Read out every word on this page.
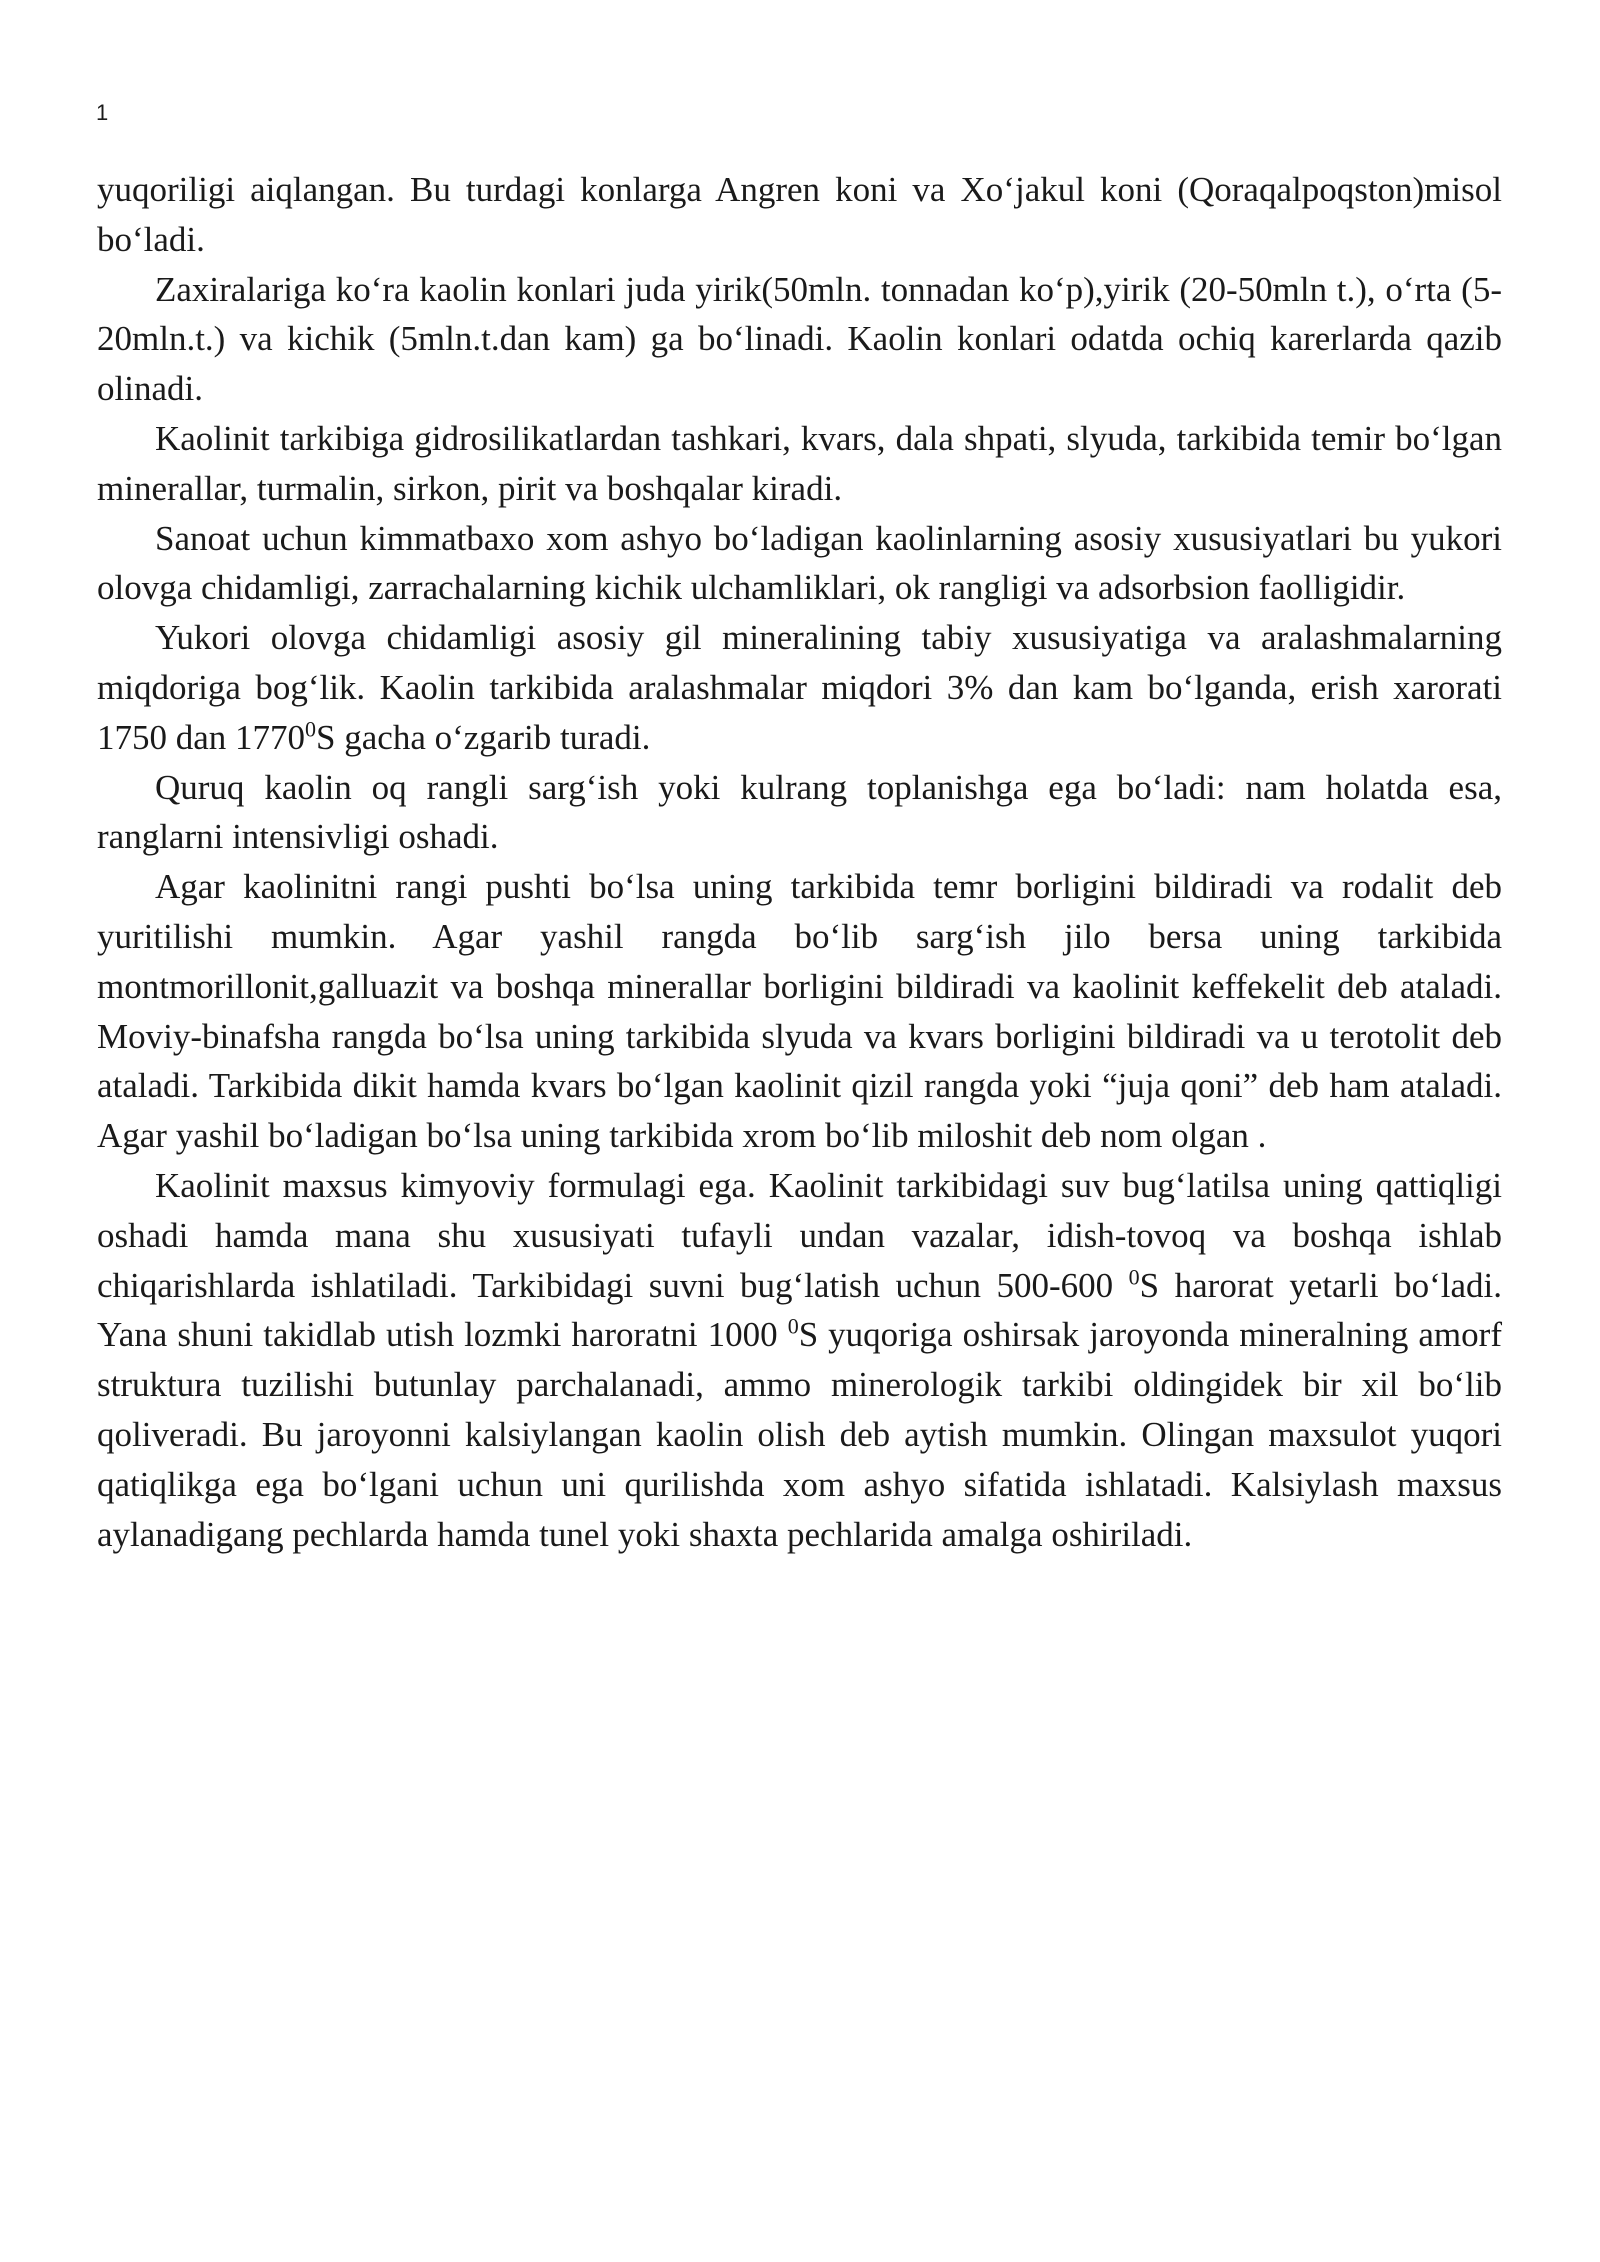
1

yuqoriligi aiqlangan. Bu turdagi konlarga Angren koni va Xo‘jakul koni (Qoraqalpoqston)misol bo‘ladi.

Zaxiralariga ko‘ra kaolin konlari juda yirik(50mln. tonnadan ko‘p),yirik (20-50mln t.), o‘rta (5-20mln.t.) va kichik (5mln.t.dan kam) ga bo‘linadi. Kaolin konlari odatda ochiq karerlarda qazib olinadi.

Kaolinit tarkibiga gidrosilikatlardan tashkari, kvars, dala shpati, slyuda, tarkibida temir bo‘lgan minerallar, turmalin, sirkon, pirit va boshqalar kiradi.

Sanoat uchun kimmatbaxo xom ashyo bo‘ladigan kaolinlarning asosiy xususiyatlari bu yukori olovga chidamligi, zarrachalarning kichik ulchamliklari, ok rangligi va adsorbsion faolligidir.

Yukori olovga chidamligi asosiy gil mineralining tabiy xususiyatiga va aralashmalarning miqdoriga bog‘lik. Kaolin tarkibida aralashmalar miqdori 3% dan kam bo‘lganda, erish xarorati 1750 dan 1770$^0$S gacha o‘zgarib turadi.

Quruq kaolin oq rangli sarg‘ish yoki kulrang toplanishga ega bo‘ladi: nam holatda esa, ranglarni intensivligi oshadi.

Agar kaolinitni rangi pushti bo‘lsa uning tarkibida temr borligini bildiradi va rodalit deb yuritilishi mumkin. Agar yashil rangda bo‘lib sarg‘ish jilo bersa uning tarkibida montmorillonit,galluazit va boshqa minerallar borligini bildiradi va kaolinit keffekelit deb ataladi. Moviy-binafsha rangda bo‘lsa uning tarkibida slyuda va kvars borligini bildiradi va u terotolit deb ataladi. Tarkibida dikit hamda kvars bo‘lgan kaolinit qizil rangda yoki “juja qoni” deb ham ataladi. Agar yashil bo‘ladigan bo‘lsa uning tarkibida xrom bo‘lib miloshit deb nom olgan .

Kaolinit maxsus kimyoviy formulagi ega. Kaolinit tarkibidagi suv bug‘latilsa uning qattiqligi oshadi hamda mana shu xususiyati tufayli undan vazalar, idish-tovoq va boshqa ishlab chiqarishlarda ishlatiladi. Tarkibidagi suvni bug‘latish uchun 500-600 $^0$S harorat yetarli bo‘ladi. Yana shuni takidlab utish lozmki haroratni 1000 $^0$S yuqoriga oshirsak jaroyonda mineralning amorf struktura tuzilishi butunlay parchalanadi, ammo minerologik tarkibi oldingidek bir xil bo‘lib qoliveradi. Bu jaroyonni kalsiylangan kaolin olish deb aytish mumkin. Olingan maxsulot yuqori qatiqlikga ega bo‘lgani uchun uni qurilishda xom ashyo sifatida ishlatadi. Kalsiylash maxsus aylanadigang pechlarda hamda tunel yoki shaxta pechlarida amalga oshiriladi.
